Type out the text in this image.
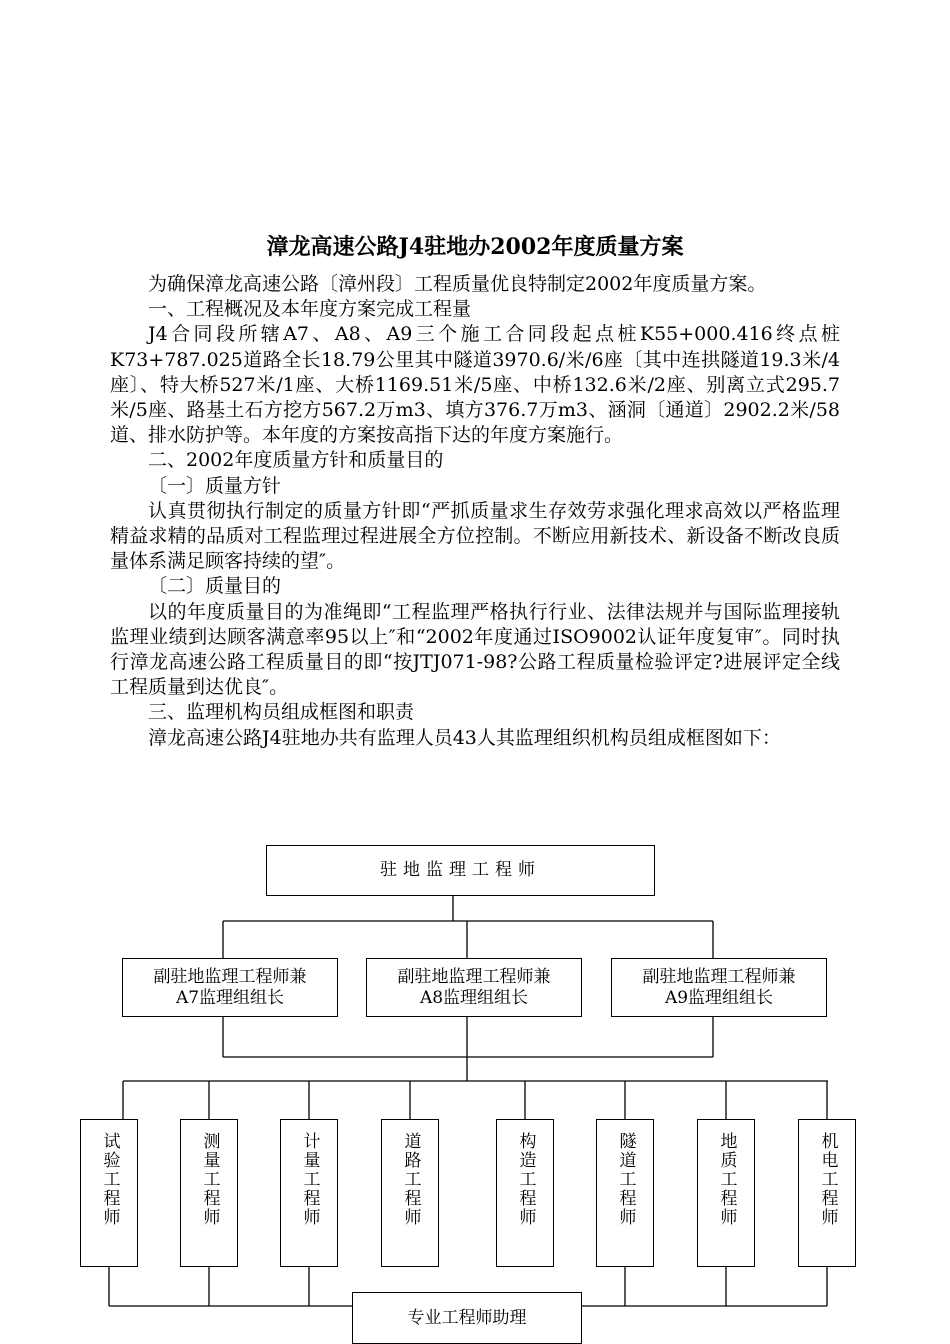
漳龙高速公路J4驻地办2002年度质量方案

为确保漳龙高速公路〔漳州段〕工程质量优良特制定2002年度质量方案。

一、工程概况及本年度方案完成工程量

J4合同段所辖A7、A8、A9三个施工合同段起点桩K55+000.416终点桩K73+787.025道路全长18.79公里其中隧道3970.6/米/6座〔其中连拱隧道19.3米/4座〕、特大桥527米/1座、大桥1169.51米/5座、中桥132.6米/2座、别离立式295.7米/5座、路基土石方挖方567.2万m3、填方376.7万m3、涵洞〔通道〕2902.2米/58道、排水防护等。本年度的方案按高指下达的年度方案施行。

二、2002年度质量方针和质量目的

〔一〕质量方针

认真贯彻执行制定的质量方针即“严抓质量求生存效劳求强化理求高效以严格监理精益求精的品质对工程监理过程进展全方位控制。不断应用新技术、新设备不断改良质量体系满足顾客持续的望″。

〔二〕质量目的

以的年度质量目的为准绳即“工程监理严格执行行业、法律法规并与国际监理接轨监理业绩到达顾客满意率95以上″和“2002年度通过ISO9002认证年度复审″。同时执行漳龙高速公路工程质量目的即“按JTJ071-98?公路工程质量检验评定?进展评定全线工程质量到达优良″。

三、监理机构员组成框图和职责

漳龙高速公路J4驻地办共有监理人员43人其监理组织机构员组成框图如下：

驻地监理工程师
副驻地监理工程师兼
A7监理组组长
副驻地监理工程师兼
A8监理组组长
副驻地监理工程师兼
A9监理组组长
试验工程师	测量工程师	计量工程师	道路工程师	构造工程师	隧道工程师	地质工程师	机电工程师
专业工程师助理
